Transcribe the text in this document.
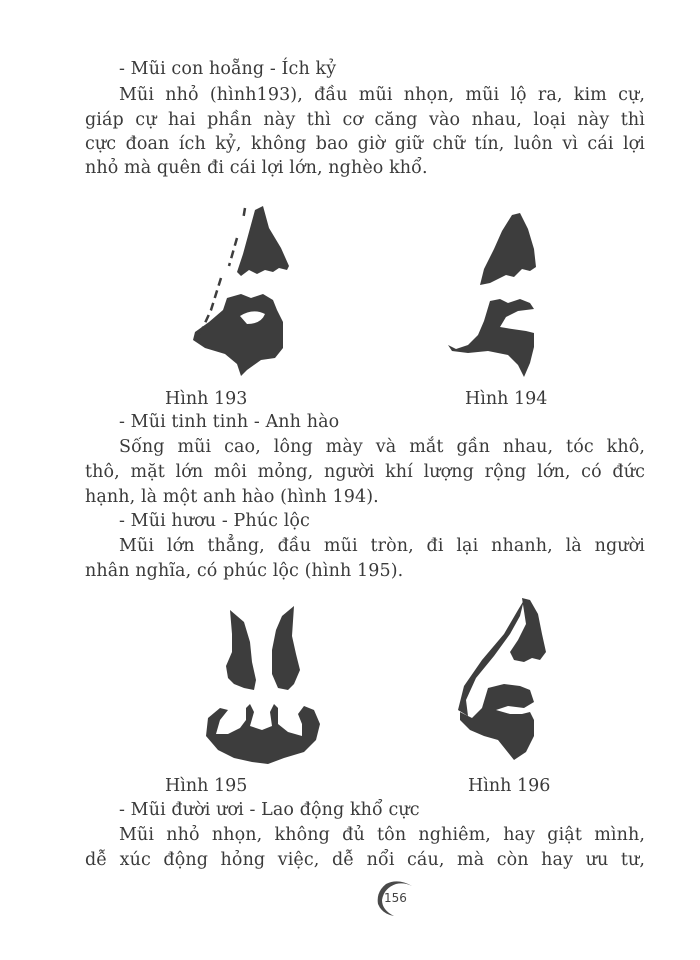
- Mũi con hoẵng - Ích kỷ
Mũi nhỏ (hình193), đầu mũi nhọn, mũi lộ ra, kim cự,
giáp cự hai phần này thì cơ căng vào nhau, loại này thì
cực đoan ích kỷ, không bao giờ giữ chữ tín, luôn vì cái lợi
nhỏ mà quên đi cái lợi lớn, nghèo khổ.
Hình 193	Hình 194
- Mũi tinh tinh - Anh hào
Sống mũi cao, lông mày và mắt gần nhau, tóc khô,
thô, mặt lớn môi mỏng, người khí lượng rộng lớn, có đức
hạnh, là một anh hào (hình 194).
- Mũi hươu - Phúc lộc
Mũi lớn thẳng, đầu mũi tròn, đi lại nhanh, là người
nhân nghĩa, có phúc lộc (hình 195).
Hình 195	Hình 196
- Mũi đười ươi - Lao động khổ cực
Mũi nhỏ nhọn, không đủ tôn nghiêm, hay giật mình,
dễ xúc động hỏng việc, dễ nổi cáu, mà còn hay ưu tư,
156
